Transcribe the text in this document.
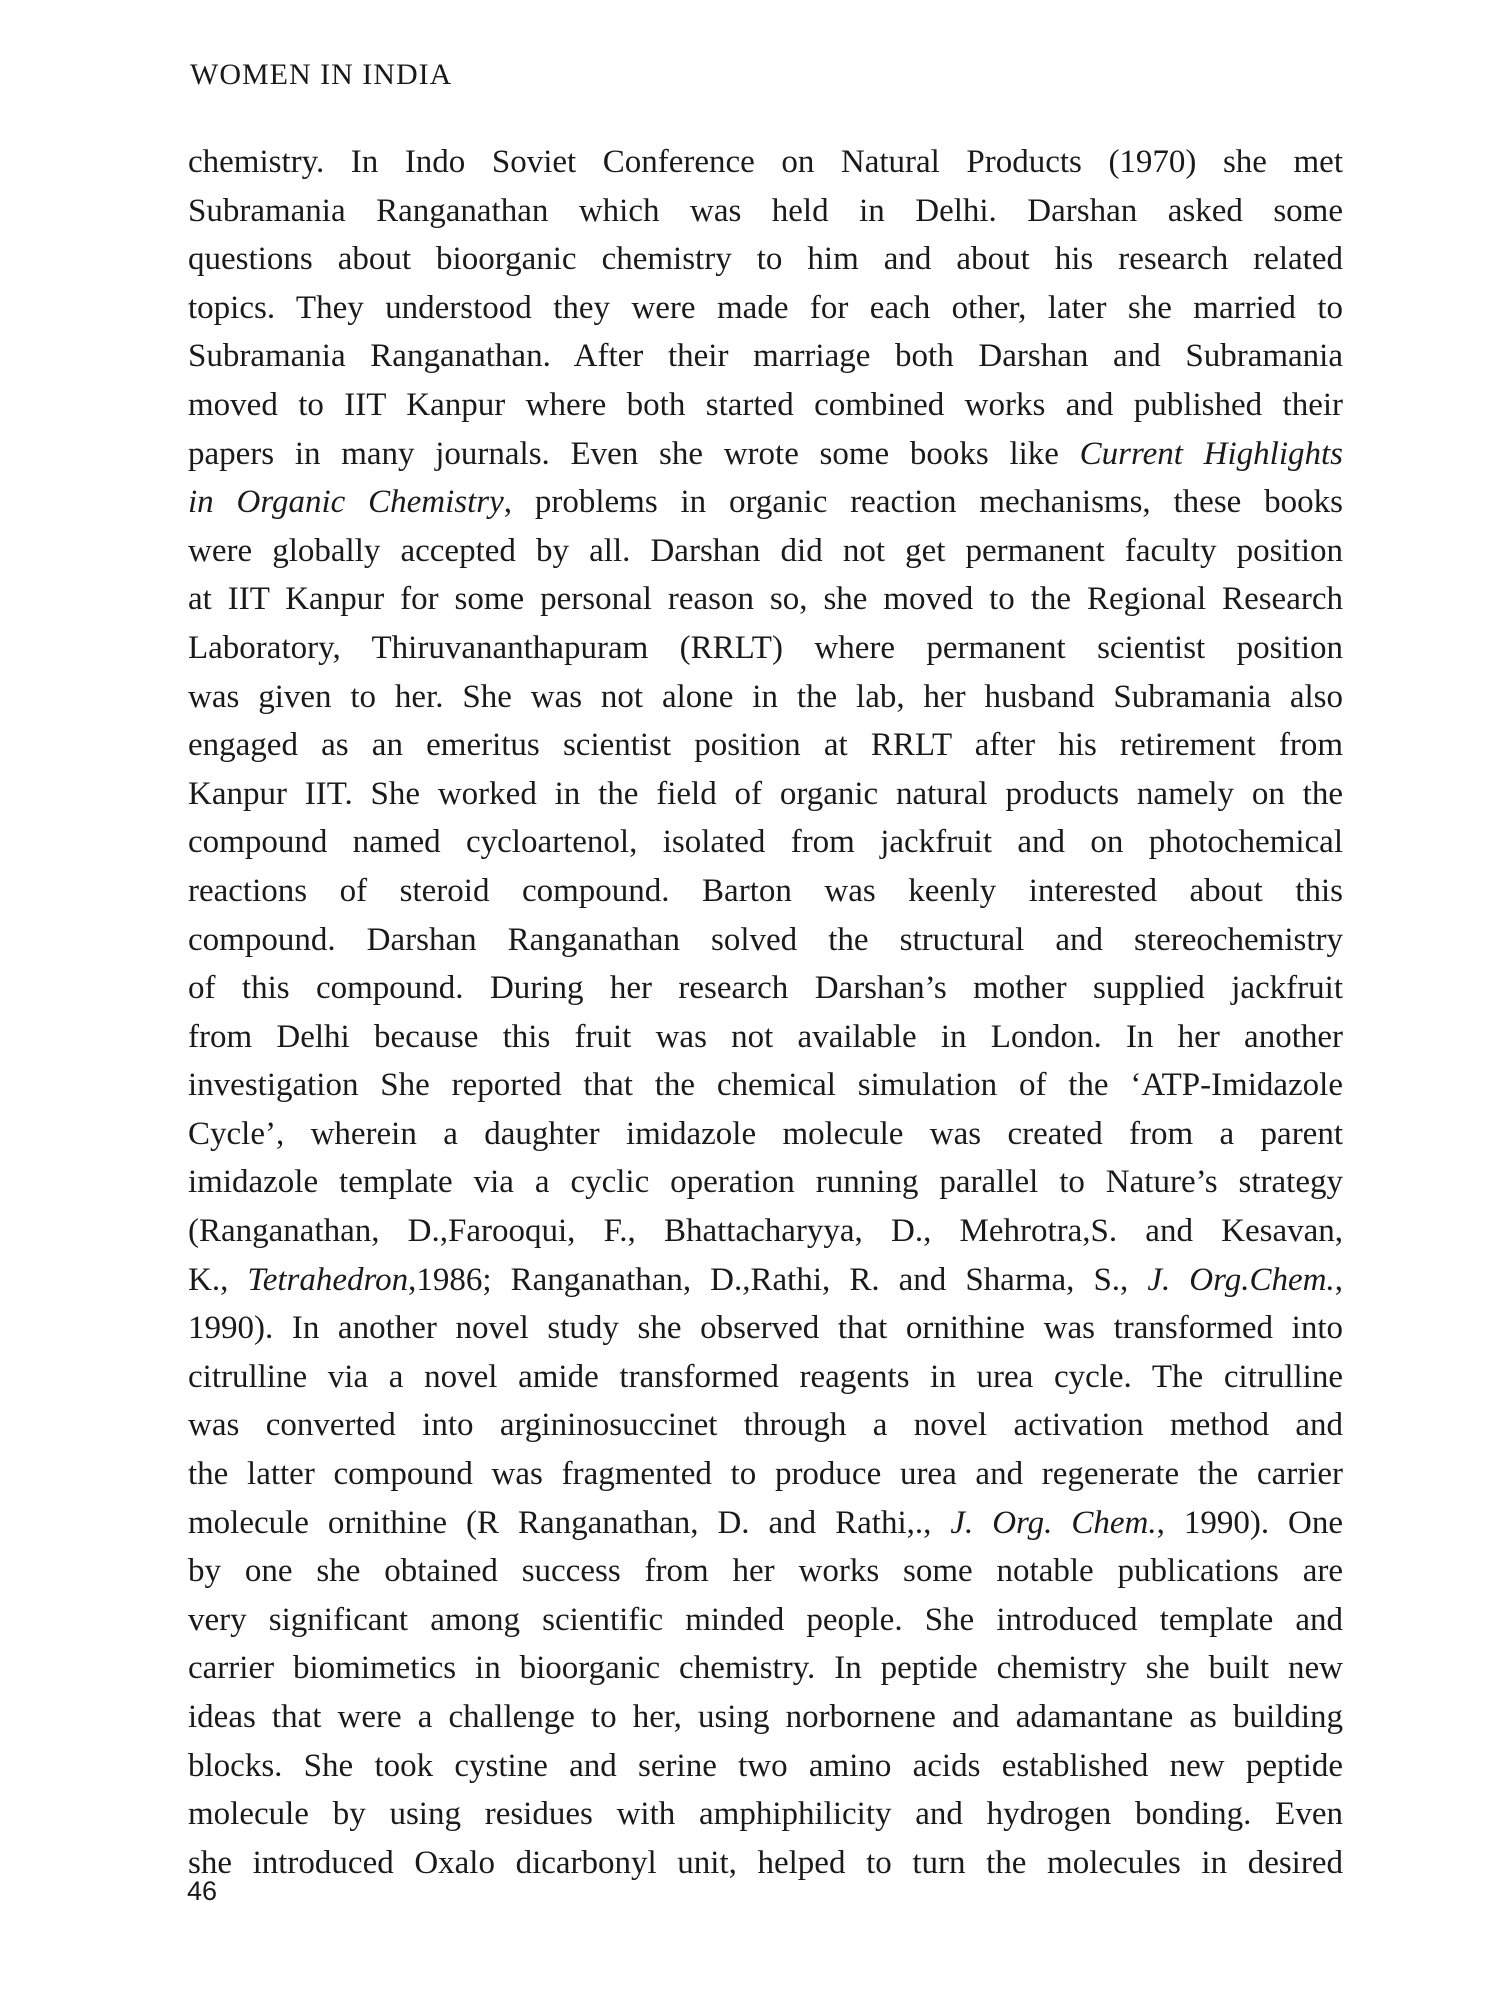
WOMEN IN INDIA
chemistry. In Indo Soviet Conference on Natural Products (1970) she met
Subramania Ranganathan which was held in Delhi. Darshan asked some
questions about bioorganic chemistry to him and about his research related
topics. They understood they were made for each other, later she married to
Subramania Ranganathan. After their marriage both Darshan and Subramania
moved to IIT Kanpur where both started combined works and published their
papers in many journals. Even she wrote some books like Current Highlights
in Organic Chemistry, problems in organic reaction mechanisms, these books
were globally accepted by all. Darshan did not get permanent faculty position
at IIT Kanpur for some personal reason so, she moved to the Regional Research
Laboratory, Thiruvananthapuram (RRLT) where permanent scientist position
was given to her. She was not alone in the lab, her husband Subramania also
engaged as an emeritus scientist position at RRLT after his retirement from
Kanpur IIT. She worked in the field of organic natural products namely on the
compound named cycloartenol, isolated from jackfruit and on photochemical
reactions of steroid compound. Barton was keenly interested about this
compound. Darshan Ranganathan solved the structural and stereochemistry
of this compound. During her research Darshan’s mother supplied jackfruit
from Delhi because this fruit was not available in London. In her another
investigation She reported that the chemical simulation of the ‘ATP-Imidazole
Cycle’, wherein a daughter imidazole molecule was created from a parent
imidazole template via a cyclic operation running parallel to Nature’s strategy
(Ranganathan, D.,Farooqui, F., Bhattacharyya, D., Mehrotra,S. and Kesavan,
K., Tetrahedron,1986; Ranganathan, D.,Rathi, R. and Sharma, S., J. Org.Chem.,
1990). In another novel study she observed that ornithine was transformed into
citrulline via a novel amide transformed reagents in urea cycle. The citrulline
was converted into argininosuccinet through a novel activation method and
the latter compound was fragmented to produce urea and regenerate the carrier
molecule ornithine (R Ranganathan, D. and Rathi,., J. Org. Chem., 1990). One
by one she obtained success from her works some notable publications are
very significant among scientific minded people. She introduced template and
carrier biomimetics in bioorganic chemistry. In peptide chemistry she built new
ideas that were a challenge to her, using norbornene and adamantane as building
blocks. She took cystine and serine two amino acids established new peptide
molecule by using residues with amphiphilicity and hydrogen bonding. Even
she introduced Oxalo dicarbonyl unit, helped to turn the molecules in desired

46
